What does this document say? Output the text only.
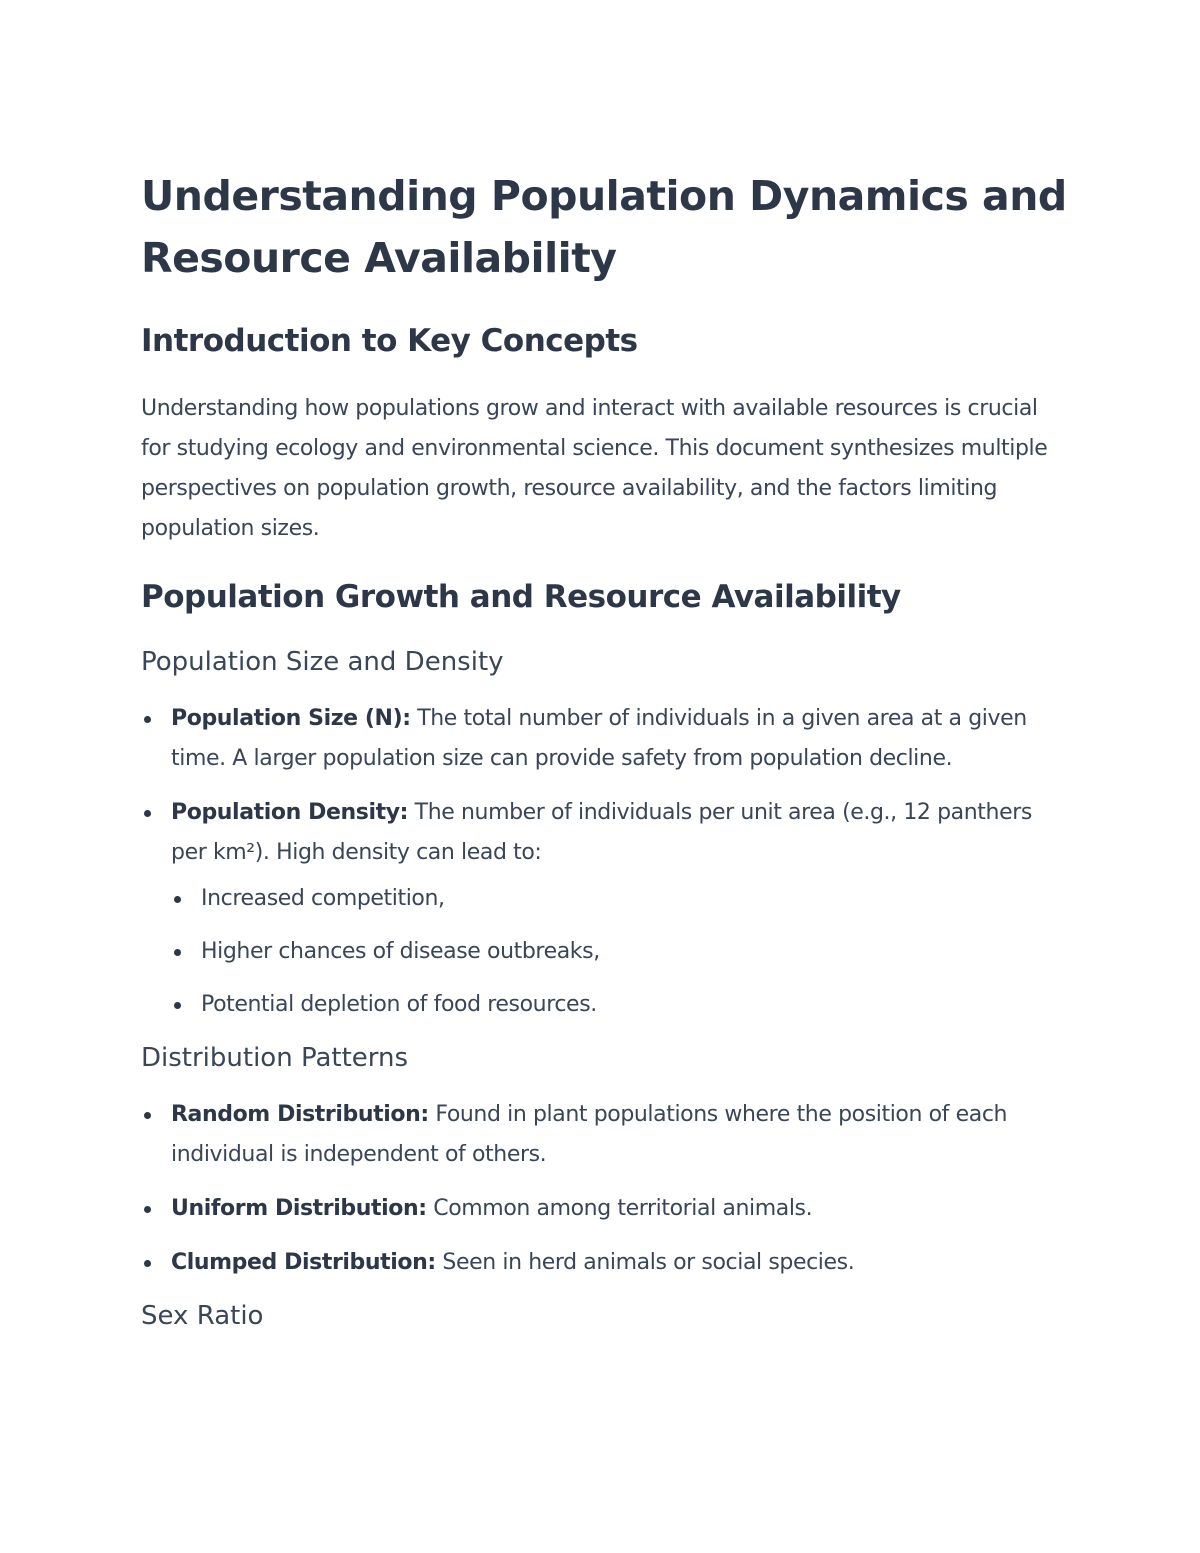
Understanding Population Dynamics and Resource Availability
Introduction to Key Concepts

Understanding how populations grow and interact with available resources is crucial for studying ecology and environmental science. This document synthesizes multiple perspectives on population growth, resource availability, and the factors limiting population sizes.

Population Growth and Resource Availability
Population Size and Density
Population Size (N): The total number of individuals in a given area at a given time. A larger population size can provide safety from population decline.
Population Density: The number of individuals per unit area (e.g., 12 panthers per km²). High density can lead to:
Increased competition,
Higher chances of disease outbreaks,
Potential depletion of food resources.
Distribution Patterns
Random Distribution: Found in plant populations where the position of each individual is independent of others.
Uniform Distribution: Common among territorial animals.
Clumped Distribution: Seen in herd animals or social species.
Sex Ratio
